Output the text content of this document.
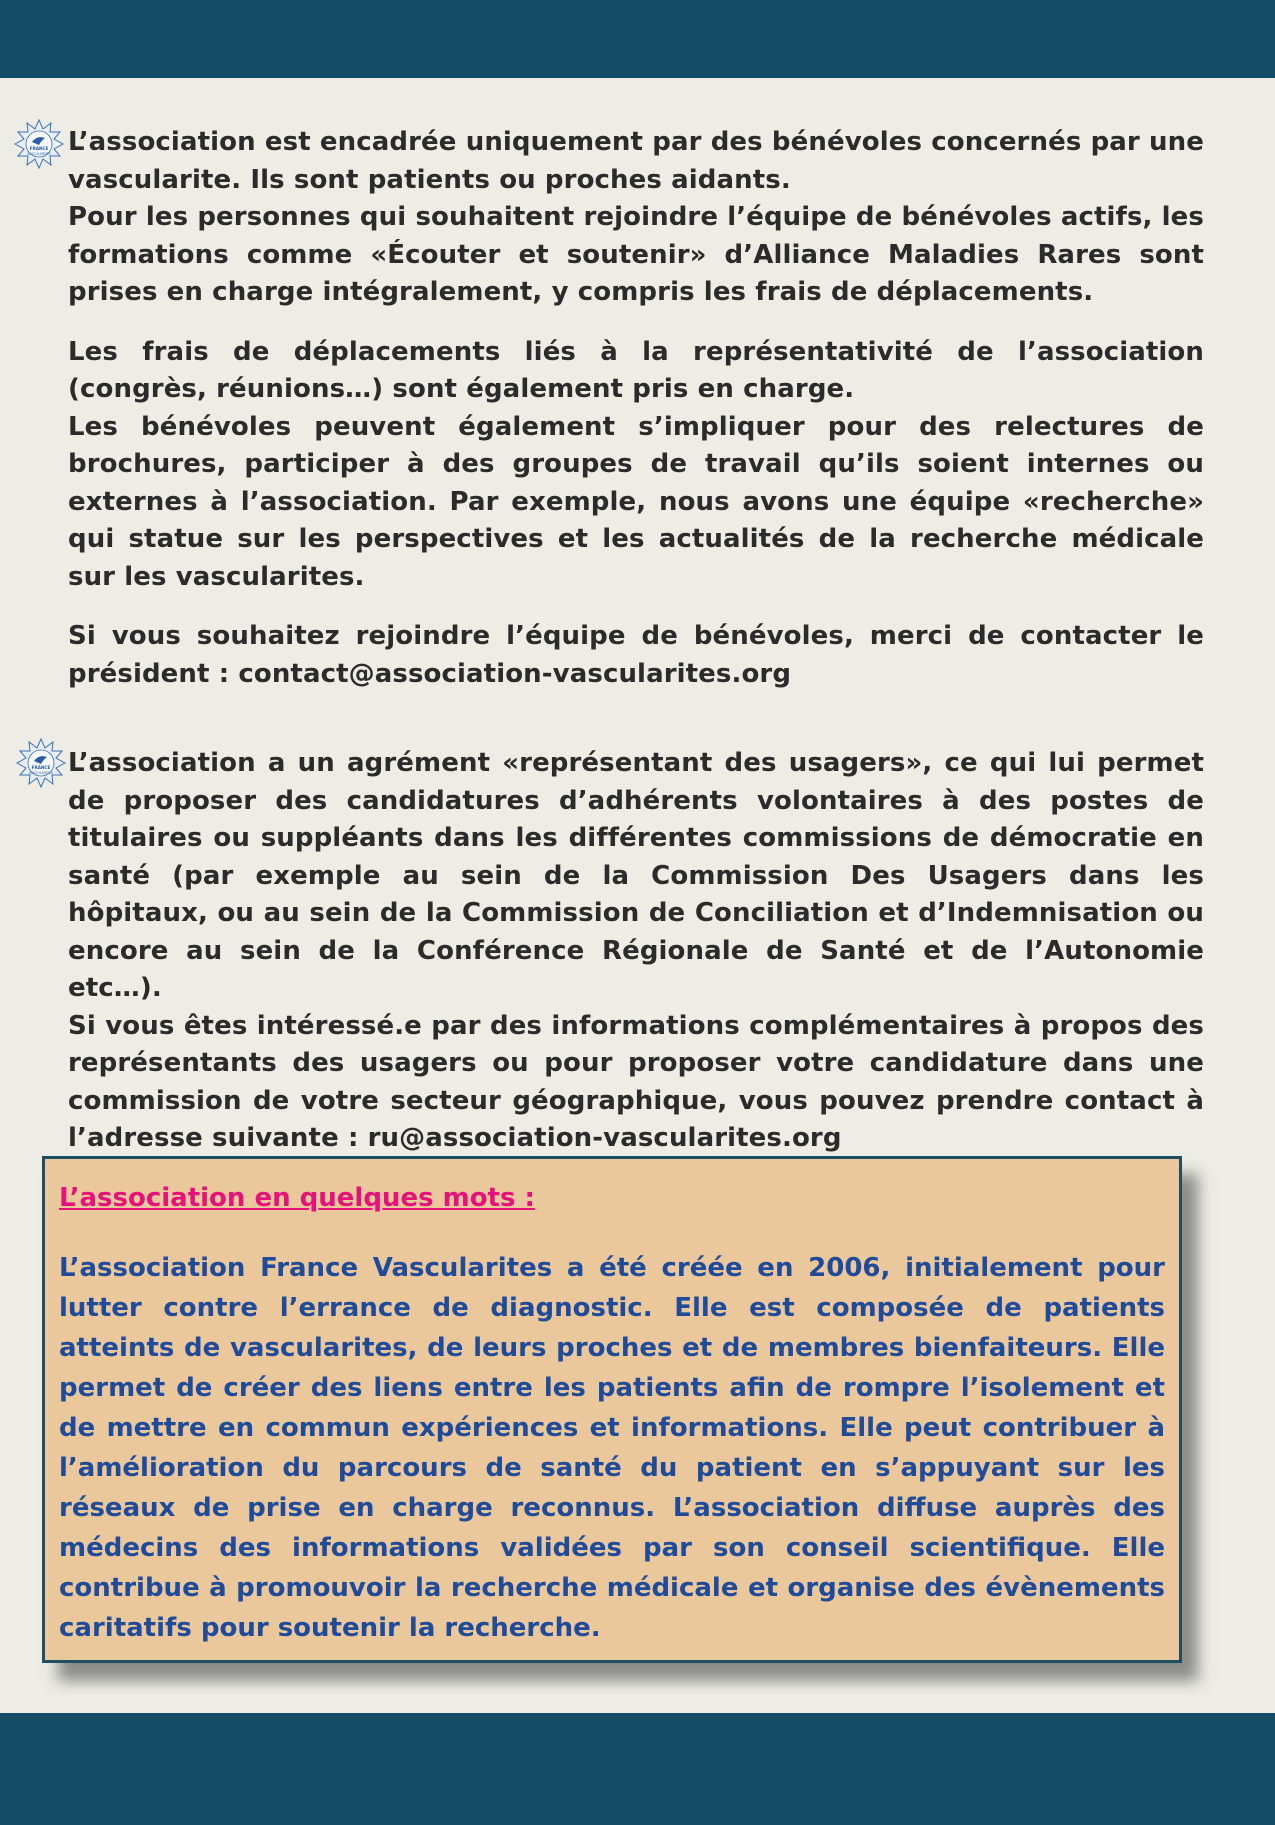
FRANCE
VASCULARITES L’association est encadrée uniquement par des bénévoles concernés par une vascularite. Ils sont patients ou proches aidants.

Pour les personnes qui souhaitent rejoindre l’équipe de bénévoles actifs, les formations comme «Écouter et soutenir» d’Alliance Maladies Rares sont prises en charge intégralement, y compris les frais de déplacements.

Les frais de déplacements liés à la représentativité de l’association (congrès, réunions…) sont également pris en charge.

Les bénévoles peuvent également s’impliquer pour des relectures de brochures, participer à des groupes de travail qu’ils soient internes ou externes à l’association. Par exemple, nous avons une équipe «recherche» qui statue sur les perspectives et les actualités de la recherche médicale sur les vascularites.

Si vous souhaitez rejoindre l’équipe de bénévoles, merci de contacter le président : contact@association-vascularites.org

FRANCE
VASCULARITES L’association a un agrément «représentant des usagers», ce qui lui permet de proposer des candidatures d’adhérents volontaires à des postes de titulaires ou suppléants dans les différentes commissions de démocratie en santé (par exemple au sein de la Commission Des Usagers dans les hôpitaux, ou au sein de la Commission de Conciliation et d’Indemnisation ou encore au sein de la Conférence Régionale de Santé et de l’Autonomie etc…).

Si vous êtes intéressé.e par des informations complémentaires à propos des représentants des usagers ou pour proposer votre candidature dans une commission de votre secteur géographique, vous pouvez prendre contact à l’adresse suivante : ru@association-vascularites.org

L’association en quelques mots :

L’association France Vascularites a été créée en 2006, initialement pour lutter contre l’errance de diagnostic. Elle est composée de patients atteints de vascularites, de leurs proches et de membres bienfaiteurs. Elle permet de créer des liens entre les patients afin de rompre l’isolement et de mettre en commun expériences et informations. Elle peut contribuer à l’amélioration du parcours de santé du patient en s’appuyant sur les réseaux de prise en charge reconnus. L’association diffuse auprès des médecins des informations validées par son conseil scientifique. Elle contribue à promouvoir la recherche médicale et organise des évènements caritatifs pour soutenir la recherche.
